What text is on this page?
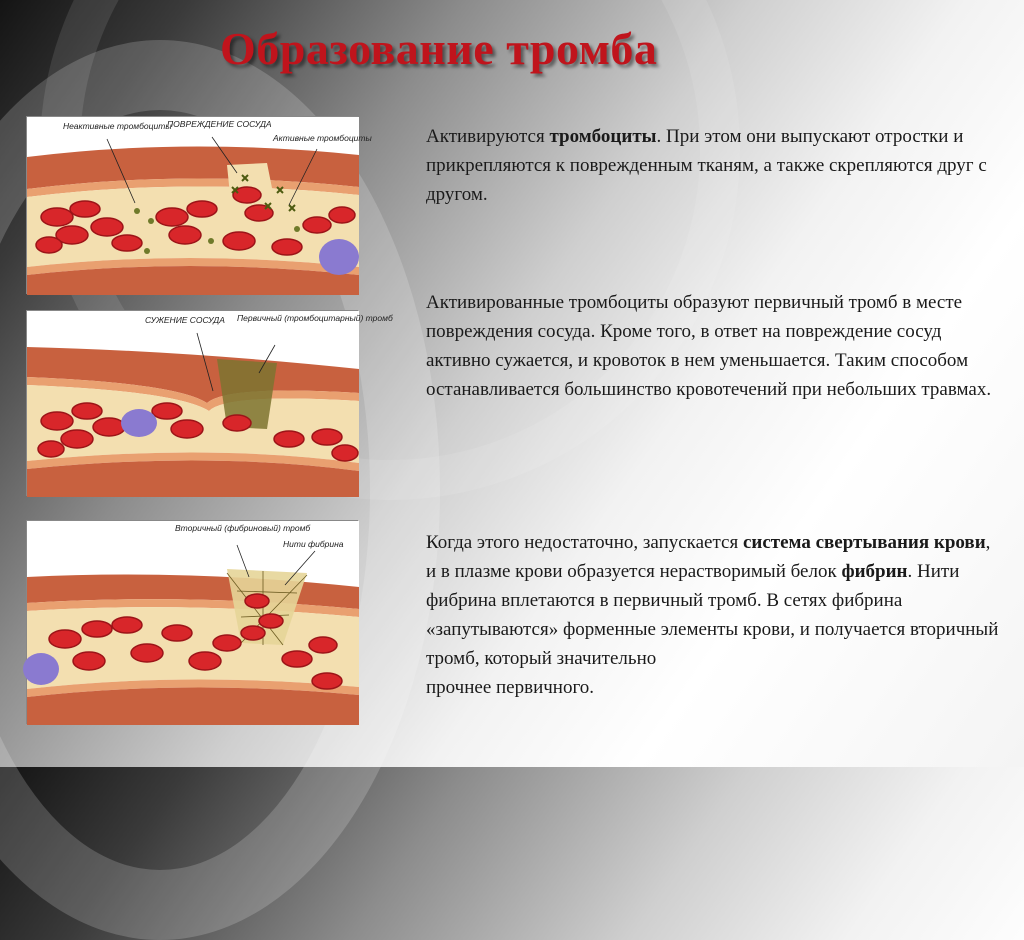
Образование тромба
Неактивные тромбоциты
ПОВРЕЖДЕНИЕ СОСУДА
Активные тромбоциты
СУЖЕНИЕ СОСУДА Первичный (тромбоцитарный) тромб
Вторичный (фибриновый) тромб
Нити фибрина

Активируются тромбоциты. При этом они выпускают отростки и прикрепляются к поврежденным тканям, а также скрепляются друг с другом.

Активированные тромбоциты образуют первичный тромб в месте повреждения сосуда. Кроме того, в ответ на повреждение сосуд активно сужается, и кровоток в нем уменьшается. Таким способом останавливается большинство кровотечений при небольших травмах.

Когда этого недостаточно, запускается система свертывания крови, и в плазме крови образуется нерастворимый белок фибрин. Нити фибрина вплетаются в первичный тромб. В сетях фибрина «запутываются» форменные элементы крови, и получается вторичный тромб, который значительно
прочнее первичного.
